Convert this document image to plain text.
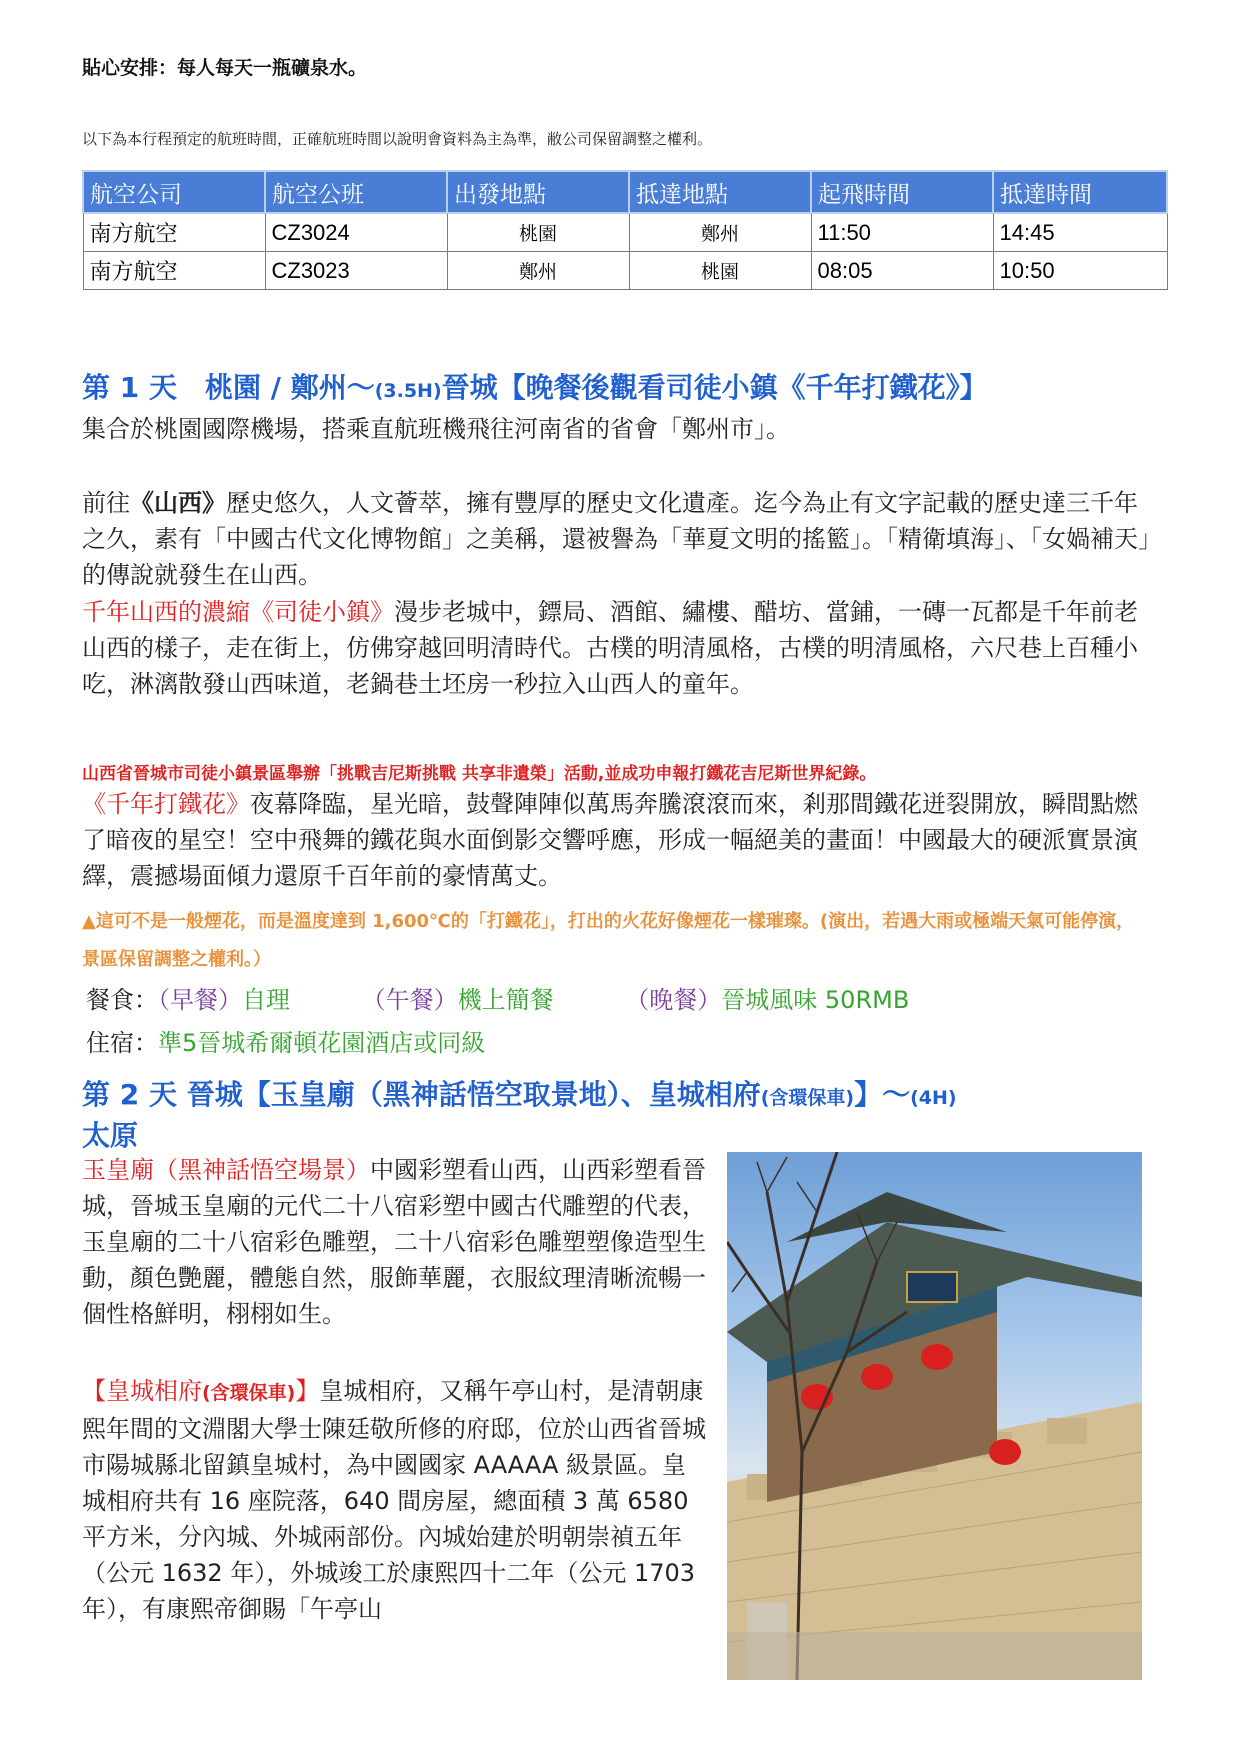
貼心安排：每人每天一瓶礦泉水。
以下為本行程預定的航班時間，正確航班時間以說明會資料為主為準，敝公司保留調整之權利。
航空公司	航空公班	出發地點	抵達地點	起飛時間	抵達時間
南方航空	CZ3024	桃園	鄭州	11:50	14:45
南方航空	CZ3023	鄭州	桃園	08:05	10:50
第 1 天　桃園 / 鄭州～(3.5H)晉城【晚餐後觀看司徒小鎮《千年打鐵花》】
集合於桃園國際機場，搭乘直航班機飛往河南省的省會「鄭州市」。
前往《山西》歷史悠久，人文薈萃，擁有豐厚的歷史文化遺產。迄今為止有文字記載的歷史達三千年之久，素有「中國古代文化博物館」之美稱，還被譽為「華夏文明的搖籃」。「精衛填海」、「女媧補天」的傳說就發生在山西。
千年山西的濃縮《司徒小鎮》漫步老城中，鏢局、酒館、繡樓、醋坊、當鋪，一磚一瓦都是千年前老山西的樣子，走在街上，仿佛穿越回明清時代。古樸的明清風格，古樸的明清風格，六尺巷上百種小吃，淋漓散發山西味道，老鍋巷土坯房一秒拉入山西人的童年。
山西省晉城市司徒小鎮景區舉辦「挑戰吉尼斯挑戰 共享非遺榮」活動,並成功申報打鐵花吉尼斯世界紀錄。
《千年打鐵花》夜幕降臨，星光暗，鼓聲陣陣似萬馬奔騰滾滾而來，剎那間鐵花迸裂開放，瞬間點燃了暗夜的星空！空中飛舞的鐵花與水面倒影交響呼應，形成一幅絕美的畫面！中國最大的硬派實景演繹，震撼場面傾力還原千百年前的豪情萬丈。
▲這可不是一般煙花，而是溫度達到 1,600℃的「打鐵花」，打出的火花好像煙花一樣璀璨。(演出，若遇大雨或極端天氣可能停演，景區保留調整之權利。）
餐食：（早餐）自理	（午餐）機上簡餐	（晚餐）晉城風味 50RMB
住宿：準5晉城希爾頓花園酒店或同級
第 2 天 晉城【玉皇廟（黑神話悟空取景地）、皇城相府(含環保車)】～(4H)
太原
玉皇廟（黑神話悟空場景）中國彩塑看山西，山西彩塑看晉城，晉城玉皇廟的元代二十八宿彩塑中國古代雕塑的代表，玉皇廟的二十八宿彩色雕塑，二十八宿彩色雕塑塑像造型生動，顏色艷麗，體態自然，服飾華麗，衣服紋理清晰流暢一個性格鮮明，栩栩如生。
【皇城相府(含環保車)】皇城相府，又稱午亭山村，是清朝康熙年間的文淵閣大學士陳廷敬所修的府邸，位於山西省晉城市陽城縣北留鎮皇城村，為中國國家 AAAAA 級景區。皇城相府共有 16 座院落，640 間房屋，總面積 3 萬 6580 平方米，分內城、外城兩部份。內城始建於明朝崇禎五年（公元 1632 年），外城竣工於康熙四十二年（公元 1703 年），有康熙帝御賜「午亭山
